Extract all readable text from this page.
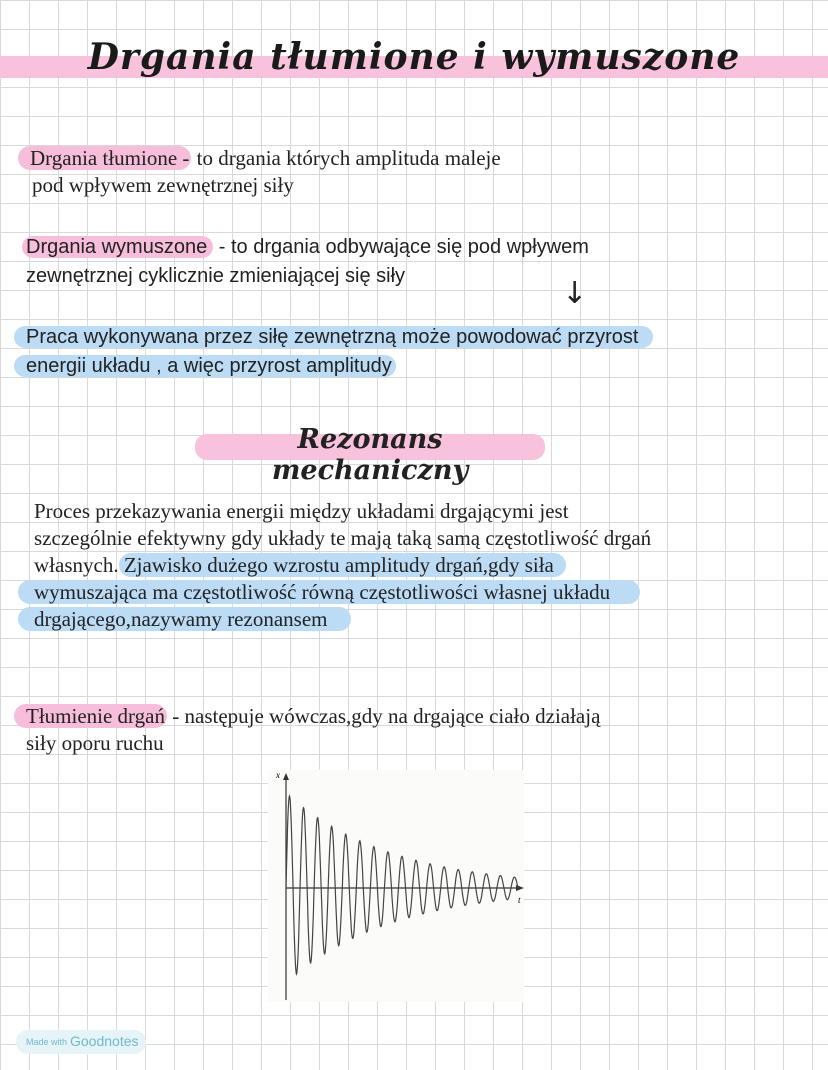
Drgania tłumione i wymuszone
Drgania tłumione - to drgania których amplituda maleje
pod wpływem zewnętrznej siły
Drgania wymuszone - to drgania odbywające się pod wpływem
zewnętrznej cyklicznie zmieniającej się siły	↓
Praca wykonywana przez siłę zewnętrzną może powodować przyrost
energii układu , a więc przyrost amplitudy
Rezonans mechaniczny
Proces przekazywania energii między układami drgającymi jest
szczególnie efektywny gdy układy te mają taką samą częstotliwość drgań
własnych. Zjawisko dużego wzrostu amplitudy drgań,gdy siła
wymuszająca ma częstotliwość równą częstotliwości własnej układu
drgającego,nazywamy rezonansem
Tłumienie drgań - następuje wówczas,gdy na drgające ciało działają
siły oporu ruchu
x
t
Made with Goodnotes
